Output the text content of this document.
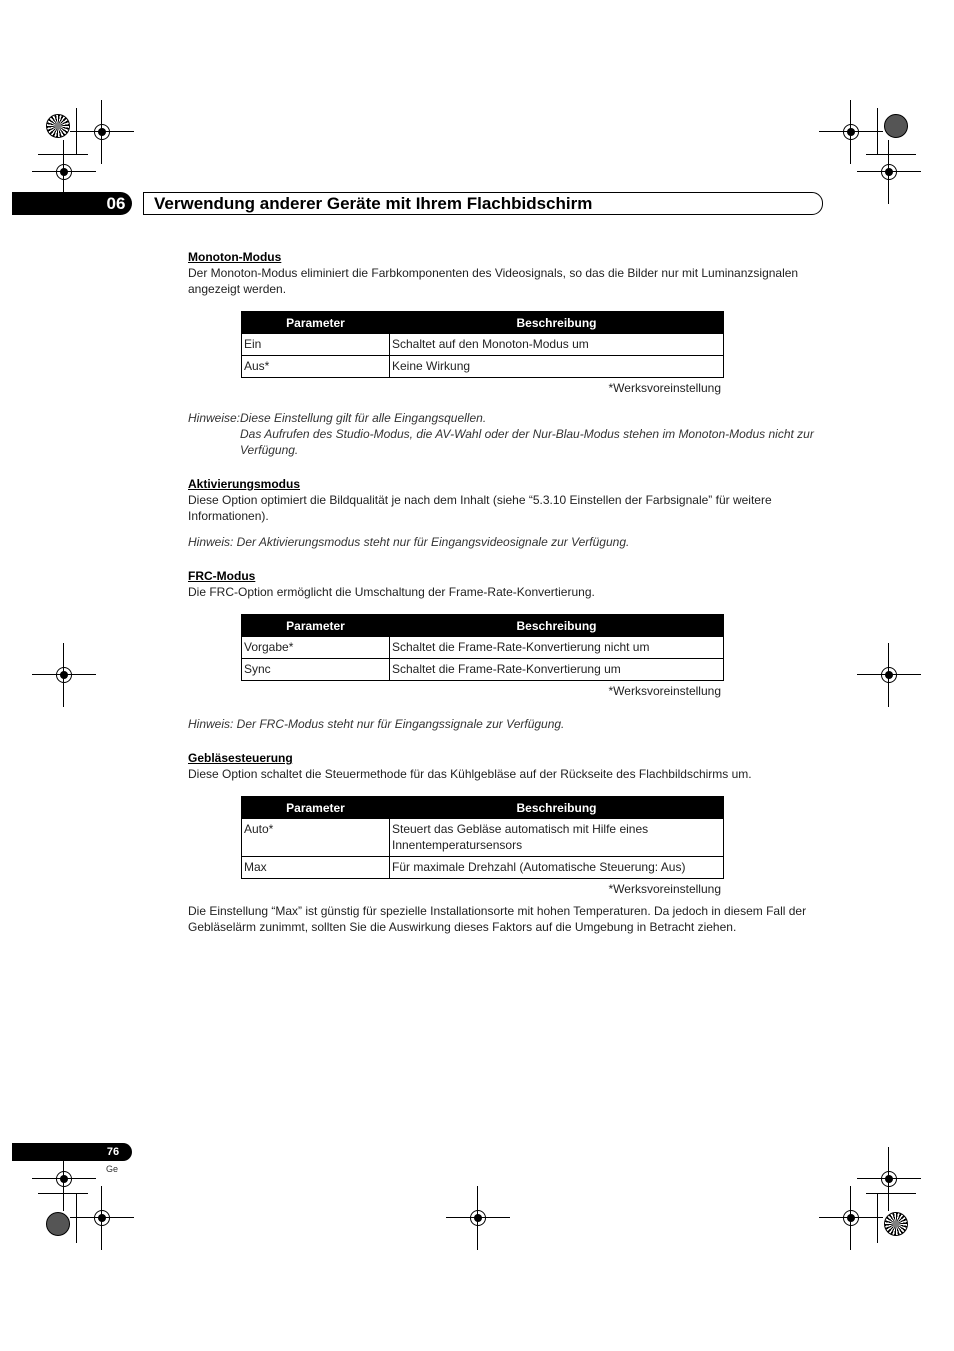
06	Verwendung anderer Geräte mit Ihrem Flachbidschirm
Monoton-Modus

Der Monoton-Modus eliminiert die Farbkomponenten des Videosignals, so das die Bilder nur mit Luminanzsignalen angezeigt werden.

Parameter	Beschreibung
Ein	Schaltet auf den Monoton-Modus um
Aus*	Keine Wirkung
*Werksvoreinstellung
Hinweise: Diese Einstellung gilt für alle Eingangsquellen.
Das Aufrufen des Studio-Modus, die AV-Wahl oder der Nur-Blau-Modus stehen im Monoton-Modus nicht zur Verfügung.
Aktivierungsmodus

Diese Option optimiert die Bildqualität je nach dem Inhalt (siehe “5.3.10 Einstellen der Farbsignale” für weitere Informationen).

Hinweis: Der Aktivierungsmodus steht nur für Eingangsvideosignale zur Verfügung.

FRC-Modus

Die FRC-Option ermöglicht die Umschaltung der Frame-Rate-Konvertierung.

Parameter	Beschreibung
Vorgabe*	Schaltet die Frame-Rate-Konvertierung nicht um
Sync	Schaltet die Frame-Rate-Konvertierung um
*Werksvoreinstellung

Hinweis: Der FRC-Modus steht nur für Eingangssignale zur Verfügung.

Gebläsesteuerung

Diese Option schaltet die Steuermethode für das Kühlgebläse auf der Rückseite des Flachbildschirms um.

Parameter	Beschreibung
Auto*	Steuert das Gebläse automatisch mit Hilfe eines Innentemperatursensors
Max	Für maximale Drehzahl (Automatische Steuerung: Aus)
*Werksvoreinstellung

Die Einstellung “Max” ist günstig für spezielle Installationsorte mit hohen Temperaturen. Da jedoch in diesem Fall der Gebläselärm zunimmt, sollten Sie die Auswirkung dieses Faktors auf die Umgebung in Betracht ziehen.

76
Ge
